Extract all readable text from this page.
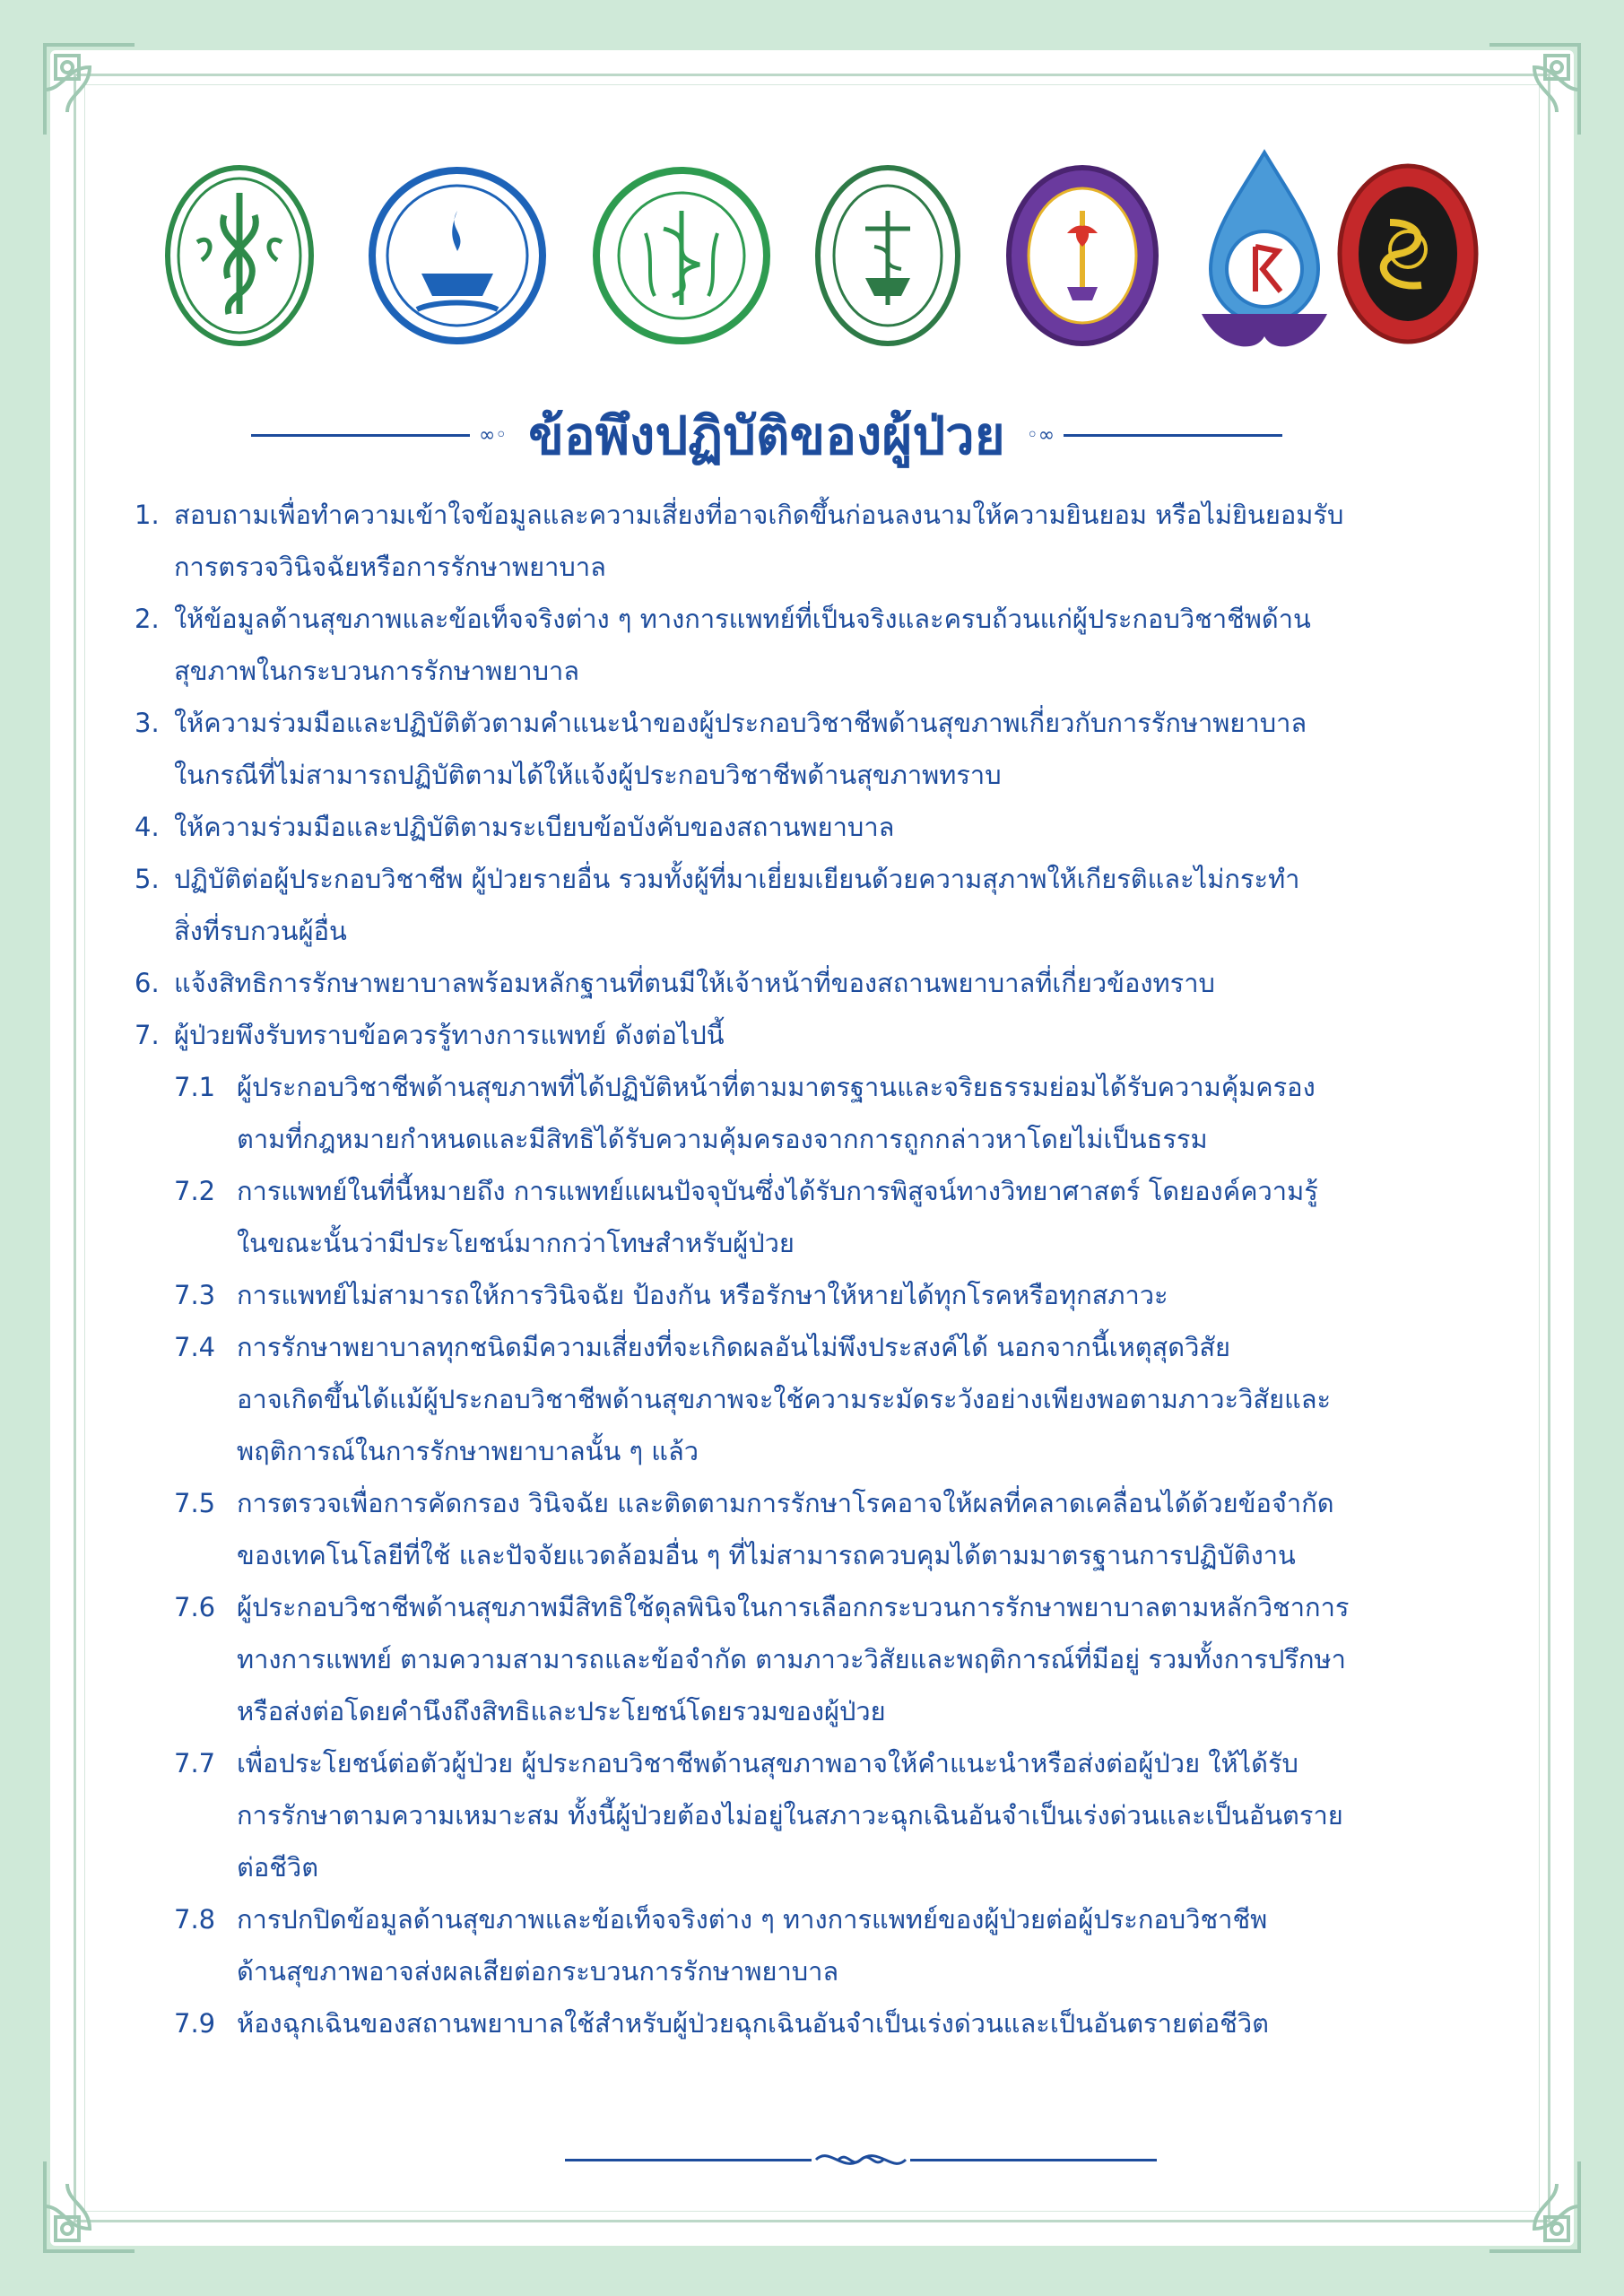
∞◦ ข้อพึงปฏิบัติของผู้ป่วย ◦∞
1. สอบถามเพื่อทำความเข้าใจข้อมูลและความเสี่ยงที่อาจเกิดขึ้นก่อนลงนามให้ความยินยอม หรือไม่ยินยอมรับ
การตรวจวินิจฉัยหรือการรักษาพยาบาล
2. ให้ข้อมูลด้านสุขภาพและข้อเท็จจริงต่าง ๆ ทางการแพทย์ที่เป็นจริงและครบถ้วนแก่ผู้ประกอบวิชาชีพด้าน
สุขภาพในกระบวนการรักษาพยาบาล
3. ให้ความร่วมมือและปฏิบัติตัวตามคำแนะนำของผู้ประกอบวิชาชีพด้านสุขภาพเกี่ยวกับการรักษาพยาบาล
ในกรณีที่ไม่สามารถปฏิบัติตามได้ให้แจ้งผู้ประกอบวิชาชีพด้านสุขภาพทราบ
4. ให้ความร่วมมือและปฏิบัติตามระเบียบข้อบังคับของสถานพยาบาล
5. ปฏิบัติต่อผู้ประกอบวิชาชีพ ผู้ป่วยรายอื่น รวมทั้งผู้ที่มาเยี่ยมเยียนด้วยความสุภาพให้เกียรติและไม่กระทำ
สิ่งที่รบกวนผู้อื่น
6. แจ้งสิทธิการรักษาพยาบาลพร้อมหลักฐานที่ตนมีให้เจ้าหน้าที่ของสถานพยาบาลที่เกี่ยวข้องทราบ
7. ผู้ป่วยพึงรับทราบข้อควรรู้ทางการแพทย์ ดังต่อไปนี้
7.1 ผู้ประกอบวิชาชีพด้านสุขภาพที่ได้ปฏิบัติหน้าที่ตามมาตรฐานและจริยธรรมย่อมได้รับความคุ้มครอง
ตามที่กฎหมายกำหนดและมีสิทธิได้รับความคุ้มครองจากการถูกกล่าวหาโดยไม่เป็นธรรม
7.2 การแพทย์ในที่นี้หมายถึง การแพทย์แผนปัจจุบันซึ่งได้รับการพิสูจน์ทางวิทยาศาสตร์ โดยองค์ความรู้
ในขณะนั้นว่ามีประโยชน์มากกว่าโทษสำหรับผู้ป่วย
7.3 การแพทย์ไม่สามารถให้การวินิจฉัย ป้องกัน หรือรักษาให้หายได้ทุกโรคหรือทุกสภาวะ
7.4 การรักษาพยาบาลทุกชนิดมีความเสี่ยงที่จะเกิดผลอันไม่พึงประสงค์ได้ นอกจากนี้เหตุสุดวิสัย
อาจเกิดขึ้นได้แม้ผู้ประกอบวิชาชีพด้านสุขภาพจะใช้ความระมัดระวังอย่างเพียงพอตามภาวะวิสัยและ
พฤติการณ์ในการรักษาพยาบาลนั้น ๆ แล้ว
7.5 การตรวจเพื่อการคัดกรอง วินิจฉัย และติดตามการรักษาโรคอาจให้ผลที่คลาดเคลื่อนได้ด้วยข้อจำกัด
ของเทคโนโลยีที่ใช้ และปัจจัยแวดล้อมอื่น ๆ ที่ไม่สามารถควบคุมได้ตามมาตรฐานการปฏิบัติงาน
7.6 ผู้ประกอบวิชาชีพด้านสุขภาพมีสิทธิใช้ดุลพินิจในการเลือกกระบวนการรักษาพยาบาลตามหลักวิชาการ
ทางการแพทย์ ตามความสามารถและข้อจำกัด ตามภาวะวิสัยและพฤติการณ์ที่มีอยู่ รวมทั้งการปรึกษา
หรือส่งต่อโดยคำนึงถึงสิทธิและประโยชน์โดยรวมของผู้ป่วย
7.7 เพื่อประโยชน์ต่อตัวผู้ป่วย ผู้ประกอบวิชาชีพด้านสุขภาพอาจให้คำแนะนำหรือส่งต่อผู้ป่วย ให้ได้รับ
การรักษาตามความเหมาะสม ทั้งนี้ผู้ป่วยต้องไม่อยู่ในสภาวะฉุกเฉินอันจำเป็นเร่งด่วนและเป็นอันตราย
ต่อชีวิต
7.8 การปกปิดข้อมูลด้านสุขภาพและข้อเท็จจริงต่าง ๆ ทางการแพทย์ของผู้ป่วยต่อผู้ประกอบวิชาชีพ
ด้านสุขภาพอาจส่งผลเสียต่อกระบวนการรักษาพยาบาล
7.9 ห้องฉุกเฉินของสถานพยาบาลใช้สำหรับผู้ป่วยฉุกเฉินอันจำเป็นเร่งด่วนและเป็นอันตรายต่อชีวิต
